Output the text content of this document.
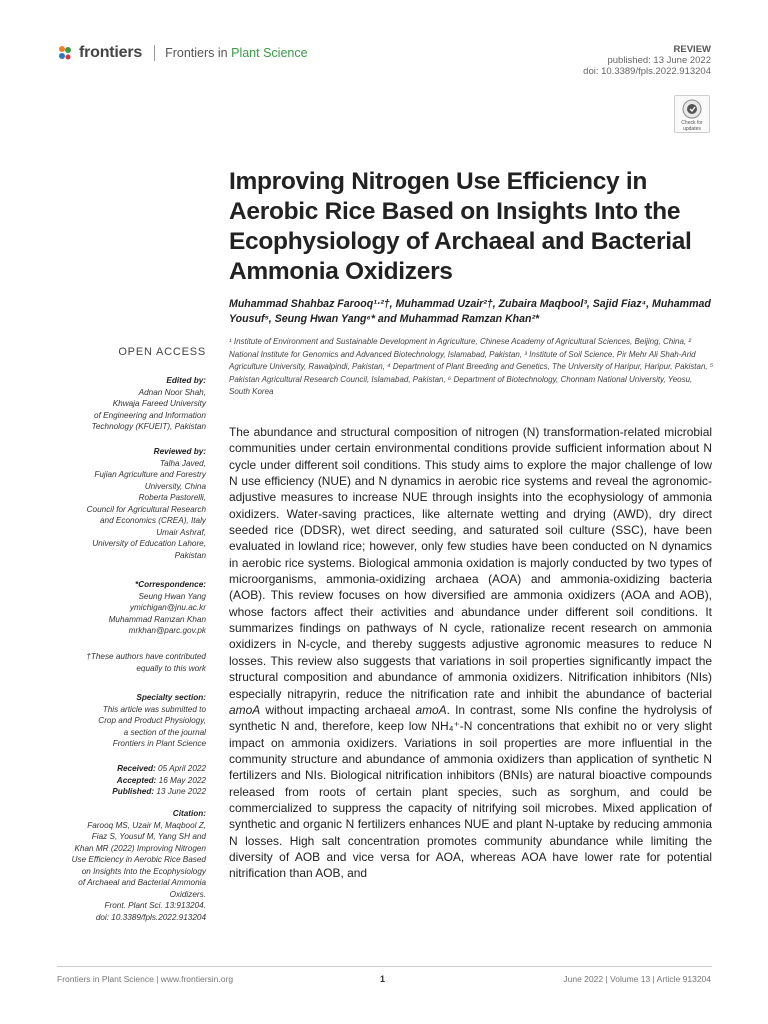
frontiers Frontiers in Plant Science	REVIEW
published: 13 June 2022
doi: 10.3389/fpls.2022.913204
Check for updates
Improving Nitrogen Use Efficiency in Aerobic Rice Based on Insights Into the Ecophysiology of Archaeal and Bacterial Ammonia Oxidizers
Muhammad Shahbaz Farooq¹·²†, Muhammad Uzair²†, Zubaira Maqbool³, Sajid Fiaz⁴, Muhammad Yousuf⁵, Seung Hwan Yang⁶* and Muhammad Ramzan Khan²*
¹ Institute of Environment and Sustainable Development in Agriculture, Chinese Academy of Agricultural Sciences, Beijing, China, ² National Institute for Genomics and Advanced Biotechnology, Islamabad, Pakistan, ³ Institute of Soil Science, Pir Mehr Ali Shah-Arid Agriculture University, Rawalpindi, Pakistan, ⁴ Department of Plant Breeding and Genetics, The University of Haripur, Haripur, Pakistan, ⁵ Pakistan Agricultural Research Council, Islamabad, Pakistan, ⁶ Department of Biotechnology, Chonnam National University, Yeosu, South Korea
The abundance and structural composition of nitrogen (N) transformation-related microbial communities under certain environmental conditions provide sufficient information about N cycle under different soil conditions. This study aims to explore the major challenge of low N use efficiency (NUE) and N dynamics in aerobic rice systems and reveal the agronomic-adjustive measures to increase NUE through insights into the ecophysiology of ammonia oxidizers. Water-saving practices, like alternate wetting and drying (AWD), dry direct seeded rice (DDSR), wet direct seeding, and saturated soil culture (SSC), have been evaluated in lowland rice; however, only few studies have been conducted on N dynamics in aerobic rice systems. Biological ammonia oxidation is majorly conducted by two types of microorganisms, ammonia-oxidizing archaea (AOA) and ammonia-oxidizing bacteria (AOB). This review focuses on how diversified are ammonia oxidizers (AOA and AOB), whose factors affect their activities and abundance under different soil conditions. It summarizes findings on pathways of N cycle, rationalize recent research on ammonia oxidizers in N-cycle, and thereby suggests adjustive agronomic measures to reduce N losses. This review also suggests that variations in soil properties significantly impact the structural composition and abundance of ammonia oxidizers. Nitrification inhibitors (NIs) especially nitrapyrin, reduce the nitrification rate and inhibit the abundance of bacterial amoA without impacting archaeal amoA. In contrast, some NIs confine the hydrolysis of synthetic N and, therefore, keep low NH₄⁺-N concentrations that exhibit no or very slight impact on ammonia oxidizers. Variations in soil properties are more influential in the community structure and abundance of ammonia oxidizers than application of synthetic N fertilizers and NIs. Biological nitrification inhibitors (BNIs) are natural bioactive compounds released from roots of certain plant species, such as sorghum, and could be commercialized to suppress the capacity of nitrifying soil microbes. Mixed application of synthetic and organic N fertilizers enhances NUE and plant N-uptake by reducing ammonia N losses. High salt concentration promotes community abundance while limiting the diversity of AOB and vice versa for AOA, whereas AOA have lower rate for potential nitrification than AOB, and
OPEN ACCESS
Edited by:
Adnan Noor Shah,
Khwaja Fareed University
of Engineering and Information
Technology (KFUEIT), Pakistan
Reviewed by:
Talha Javed,
Fujian Agriculture and Forestry
University, China
Roberta Pastorelli,
Council for Agricultural Research
and Economics (CREA), Italy
Umair Ashraf,
University of Education Lahore,
Pakistan
*Correspondence:
Seung Hwan Yang
ymichigan@jnu.ac.kr
Muhammad Ramzan Khan
mrkhan@parc.gov.pk
†These authors have contributed
equally to this work
Specialty section:
This article was submitted to
Crop and Product Physiology,
a section of the journal
Frontiers in Plant Science
Received: 05 April 2022
Accepted: 16 May 2022
Published: 13 June 2022
Citation:
Farooq MS, Uzair M, Maqbool Z,
Fiaz S, Yousuf M, Yang SH and
Khan MR (2022) Improving Nitrogen
Use Efficiency in Aerobic Rice Based
on Insights Into the Ecophysiology
of Archaeal and Bacterial Ammonia
Oxidizers.
Front. Plant Sci. 13:913204.
doi: 10.3389/fpls.2022.913204
Frontiers in Plant Science | www.frontiersin.org	1	June 2022 | Volume 13 | Article 913204
